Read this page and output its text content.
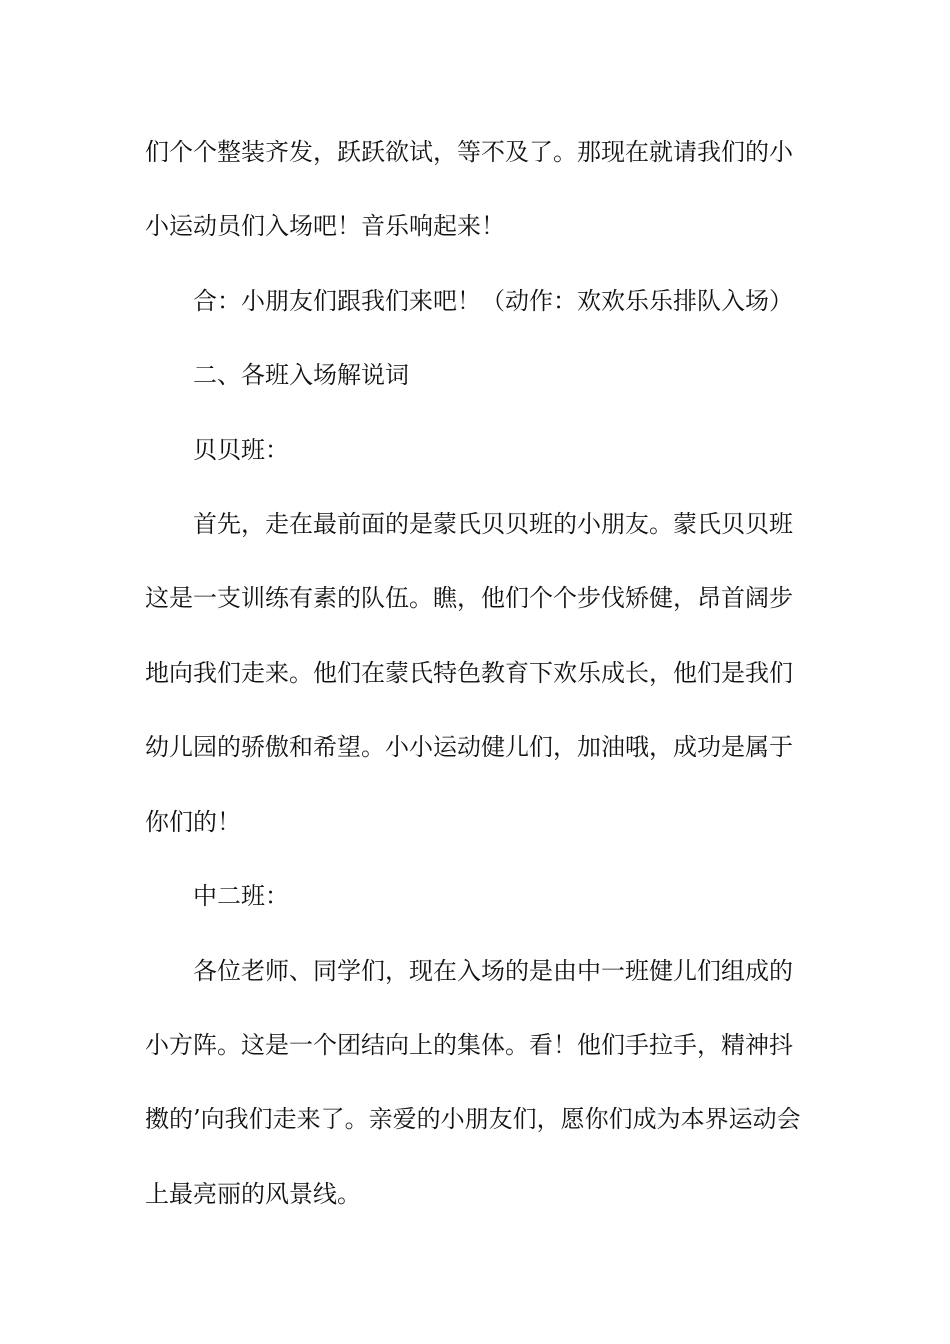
们个个整装齐发，跃跃欲试，等不及了。那现在就请我们的小
小运动员们入场吧！音乐响起来！
合：小朋友们跟我们来吧！（动作：欢欢乐乐排队入场）
二、各班入场解说词
贝贝班：
首先，走在最前面的是蒙氏贝贝班的小朋友。蒙氏贝贝班
这是一支训练有素的队伍。瞧，他们个个步伐矫健，昂首阔步
地向我们走来。他们在蒙氏特色教育下欢乐成长，他们是我们
幼儿园的骄傲和希望。小小运动健儿们，加油哦，成功是属于
你们的！
中二班：
各位老师、同学们，现在入场的是由中一班健儿们组成的
小方阵。这是一个团结向上的集体。看！他们手拉手，精神抖
擞的’向我们走来了。亲爱的小朋友们，愿你们成为本界运动会
上最亮丽的风景线。
